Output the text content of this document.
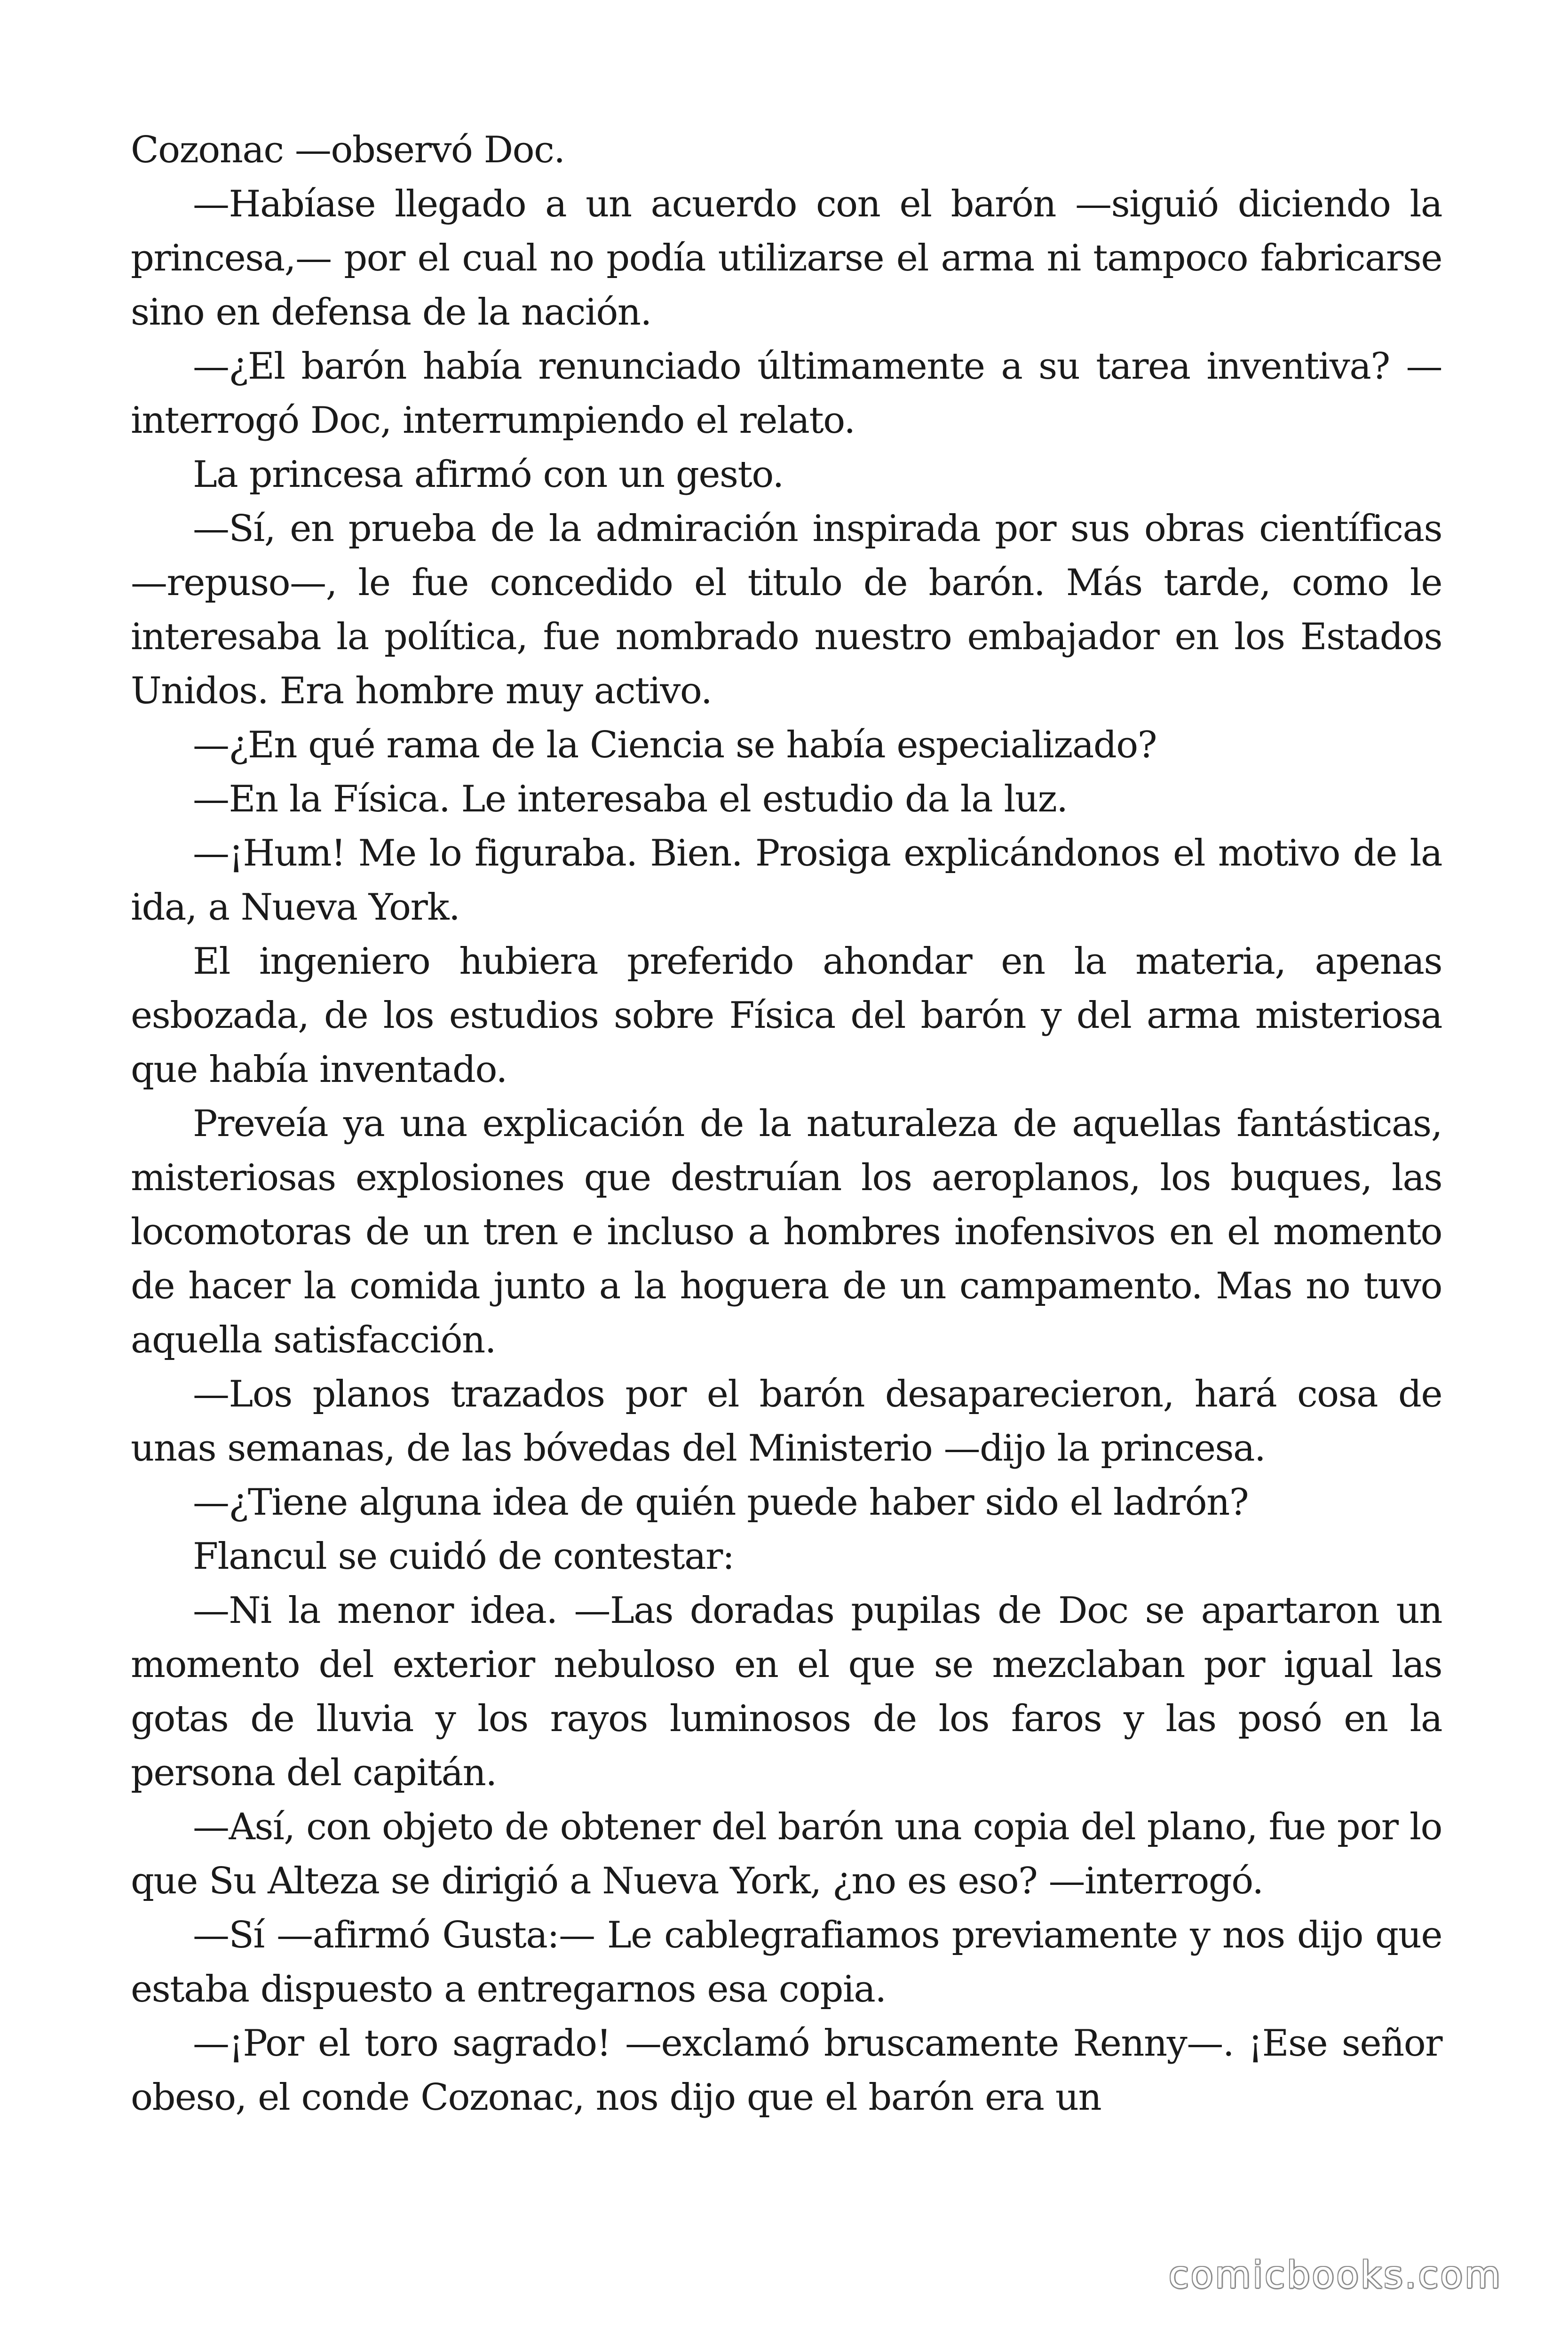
Cozonac —observó Doc.

—Habíase llegado a un acuerdo con el barón —siguió diciendo la princesa,— por el cual no podía utilizarse el arma ni tampoco fabricarse sino en defensa de la nación.

—¿El barón había renunciado últimamente a su tarea inventiva? —interrogó Doc, interrumpiendo el relato.

La princesa afirmó con un gesto.

—Sí, en prueba de la admiración inspirada por sus obras científicas —repuso—, le fue concedido el titulo de barón. Más tarde, como le interesaba la política, fue nombrado nuestro embajador en los Estados Unidos. Era hombre muy activo.

—¿En qué rama de la Ciencia se había especializado?

—En la Física. Le interesaba el estudio da la luz.

—¡Hum! Me lo figuraba. Bien. Prosiga explicándonos el motivo de la ida, a Nueva York.

El ingeniero hubiera preferido ahondar en la materia, apenas esbozada, de los estudios sobre Física del barón y del arma misteriosa que había inventado.

Preveía ya una explicación de la naturaleza de aquellas fantásticas, misteriosas explosiones que destruían los aeroplanos, los buques, las locomotoras de un tren e incluso a hombres inofensivos en el momento de hacer la comida junto a la hoguera de un campamento. Mas no tuvo aquella satisfacción.

—Los planos trazados por el barón desaparecieron, hará cosa de unas semanas, de las bóvedas del Ministerio —dijo la princesa.

—¿Tiene alguna idea de quién puede haber sido el ladrón?

Flancul se cuidó de contestar:

—Ni la menor idea. —Las doradas pupilas de Doc se apartaron un momento del exterior nebuloso en el que se mezclaban por igual las gotas de lluvia y los rayos luminosos de los faros y las posó en la persona del capitán.

—Así, con objeto de obtener del barón una copia del plano, fue por lo que Su Alteza se dirigió a Nueva York, ¿no es eso? —interrogó.

—Sí —afirmó Gusta:— Le cablegrafiamos previamente y nos dijo que estaba dispuesto a entregarnos esa copia.

—¡Por el toro sagrado! —exclamó bruscamente Renny—. ¡Ese señor obeso, el conde Cozonac, nos dijo que el barón era un

comicbooks.com
